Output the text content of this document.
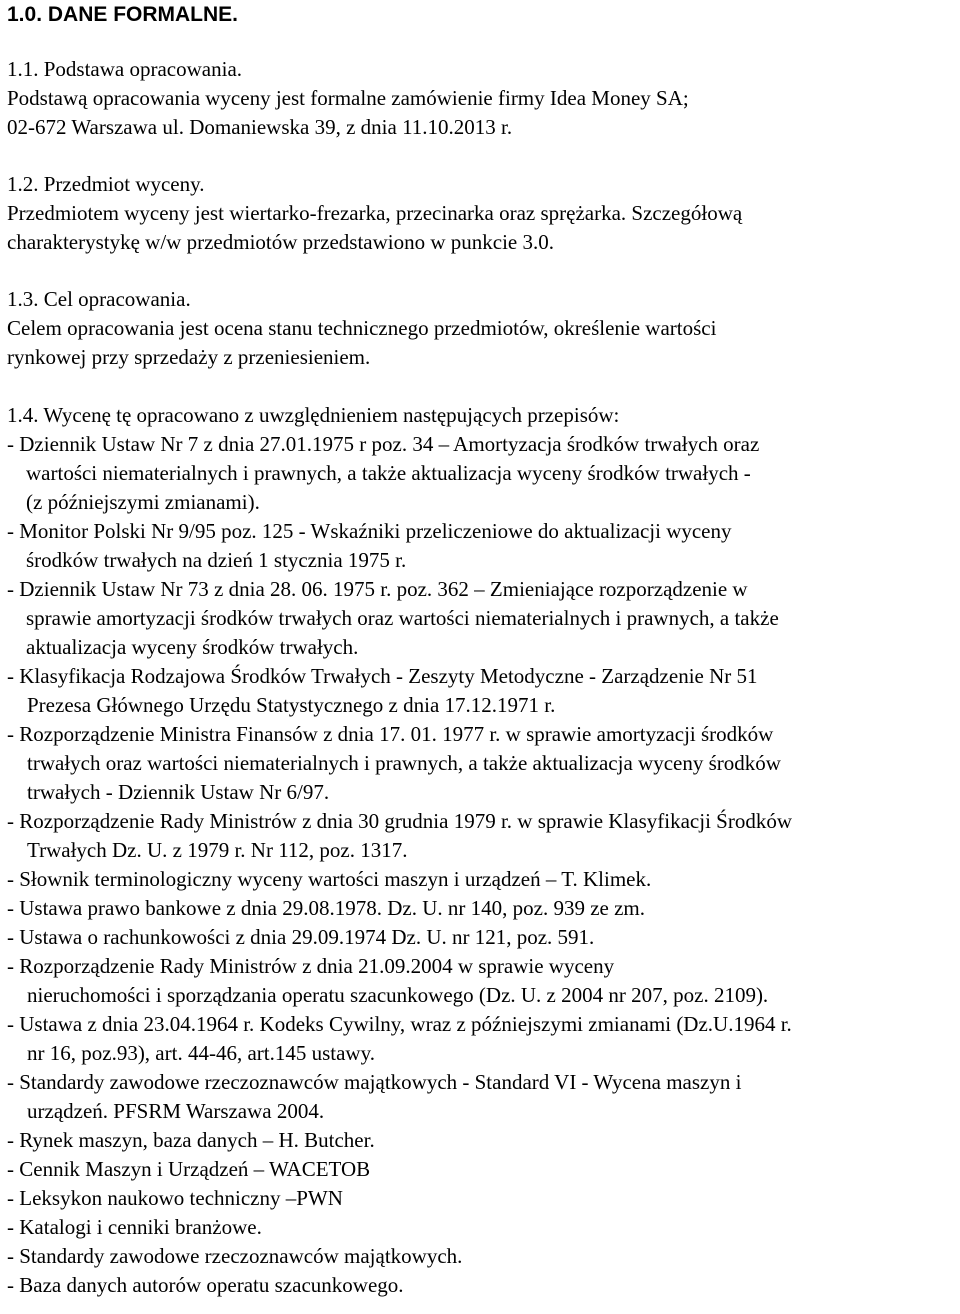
1.0. DANE FORMALNE.
1.1. Podstawa opracowania.
Podstawą opracowania wyceny jest formalne zamówienie firmy Idea Money SA;
02-672 Warszawa ul. Domaniewska 39, z dnia 11.10.2013 r.
1.2. Przedmiot wyceny.
Przedmiotem wyceny jest wiertarko-frezarka, przecinarka oraz sprężarka. Szczegółową
charakterystykę w/w przedmiotów przedstawiono w punkcie 3.0.
1.3. Cel opracowania.
Celem opracowania jest ocena stanu technicznego przedmiotów, określenie wartości
rynkowej przy sprzedaży z przeniesieniem.
1.4. Wycenę tę opracowano z uwzględnieniem następujących przepisów:
- Dziennik Ustaw Nr 7 z dnia 27.01.1975 r poz. 34 – Amortyzacja środków trwałych oraz
wartości niematerialnych i prawnych, a także aktualizacja wyceny środków trwałych -
(z późniejszymi zmianami).
- Monitor Polski Nr 9/95 poz. 125 - Wskaźniki przeliczeniowe do aktualizacji wyceny
środków trwałych na dzień 1 stycznia 1975 r.
- Dziennik Ustaw Nr 73 z dnia 28. 06. 1975 r. poz. 362 – Zmieniające rozporządzenie w
sprawie amortyzacji środków trwałych oraz wartości niematerialnych i prawnych, a także
aktualizacja wyceny środków trwałych.
- Klasyfikacja Rodzajowa Środków Trwałych - Zeszyty Metodyczne - Zarządzenie Nr 51
Prezesa Głównego Urzędu Statystycznego z dnia 17.12.1971 r.
- Rozporządzenie Ministra Finansów z dnia 17. 01. 1977 r. w sprawie amortyzacji środków
trwałych oraz wartości niematerialnych i prawnych, a także aktualizacja wyceny środków
trwałych - Dziennik Ustaw Nr 6/97.
- Rozporządzenie Rady Ministrów z dnia 30 grudnia 1979 r. w sprawie Klasyfikacji Środków
Trwałych Dz. U. z 1979 r. Nr 112, poz. 1317.
- Słownik terminologiczny wyceny wartości maszyn i urządzeń – T. Klimek.
- Ustawa prawo bankowe z dnia 29.08.1978. Dz. U. nr 140, poz. 939 ze zm.
- Ustawa o rachunkowości z dnia 29.09.1974 Dz. U. nr 121, poz. 591.
- Rozporządzenie Rady Ministrów z dnia 21.09.2004 w sprawie wyceny
nieruchomości i sporządzania operatu szacunkowego (Dz. U. z 2004 nr 207, poz. 2109).
- Ustawa z dnia 23.04.1964 r. Kodeks Cywilny, wraz z późniejszymi zmianami (Dz.U.1964 r.
nr 16, poz.93), art. 44-46, art.145 ustawy.
- Standardy zawodowe rzeczoznawców majątkowych - Standard VI - Wycena maszyn i
urządzeń. PFSRM Warszawa 2004.
- Rynek maszyn, baza danych – H. Butcher.
- Cennik Maszyn i Urządzeń – WACETOB
- Leksykon naukowo techniczny –PWN
- Katalogi i cenniki branżowe.
- Standardy zawodowe rzeczoznawców majątkowych.
- Baza danych autorów operatu szacunkowego.
